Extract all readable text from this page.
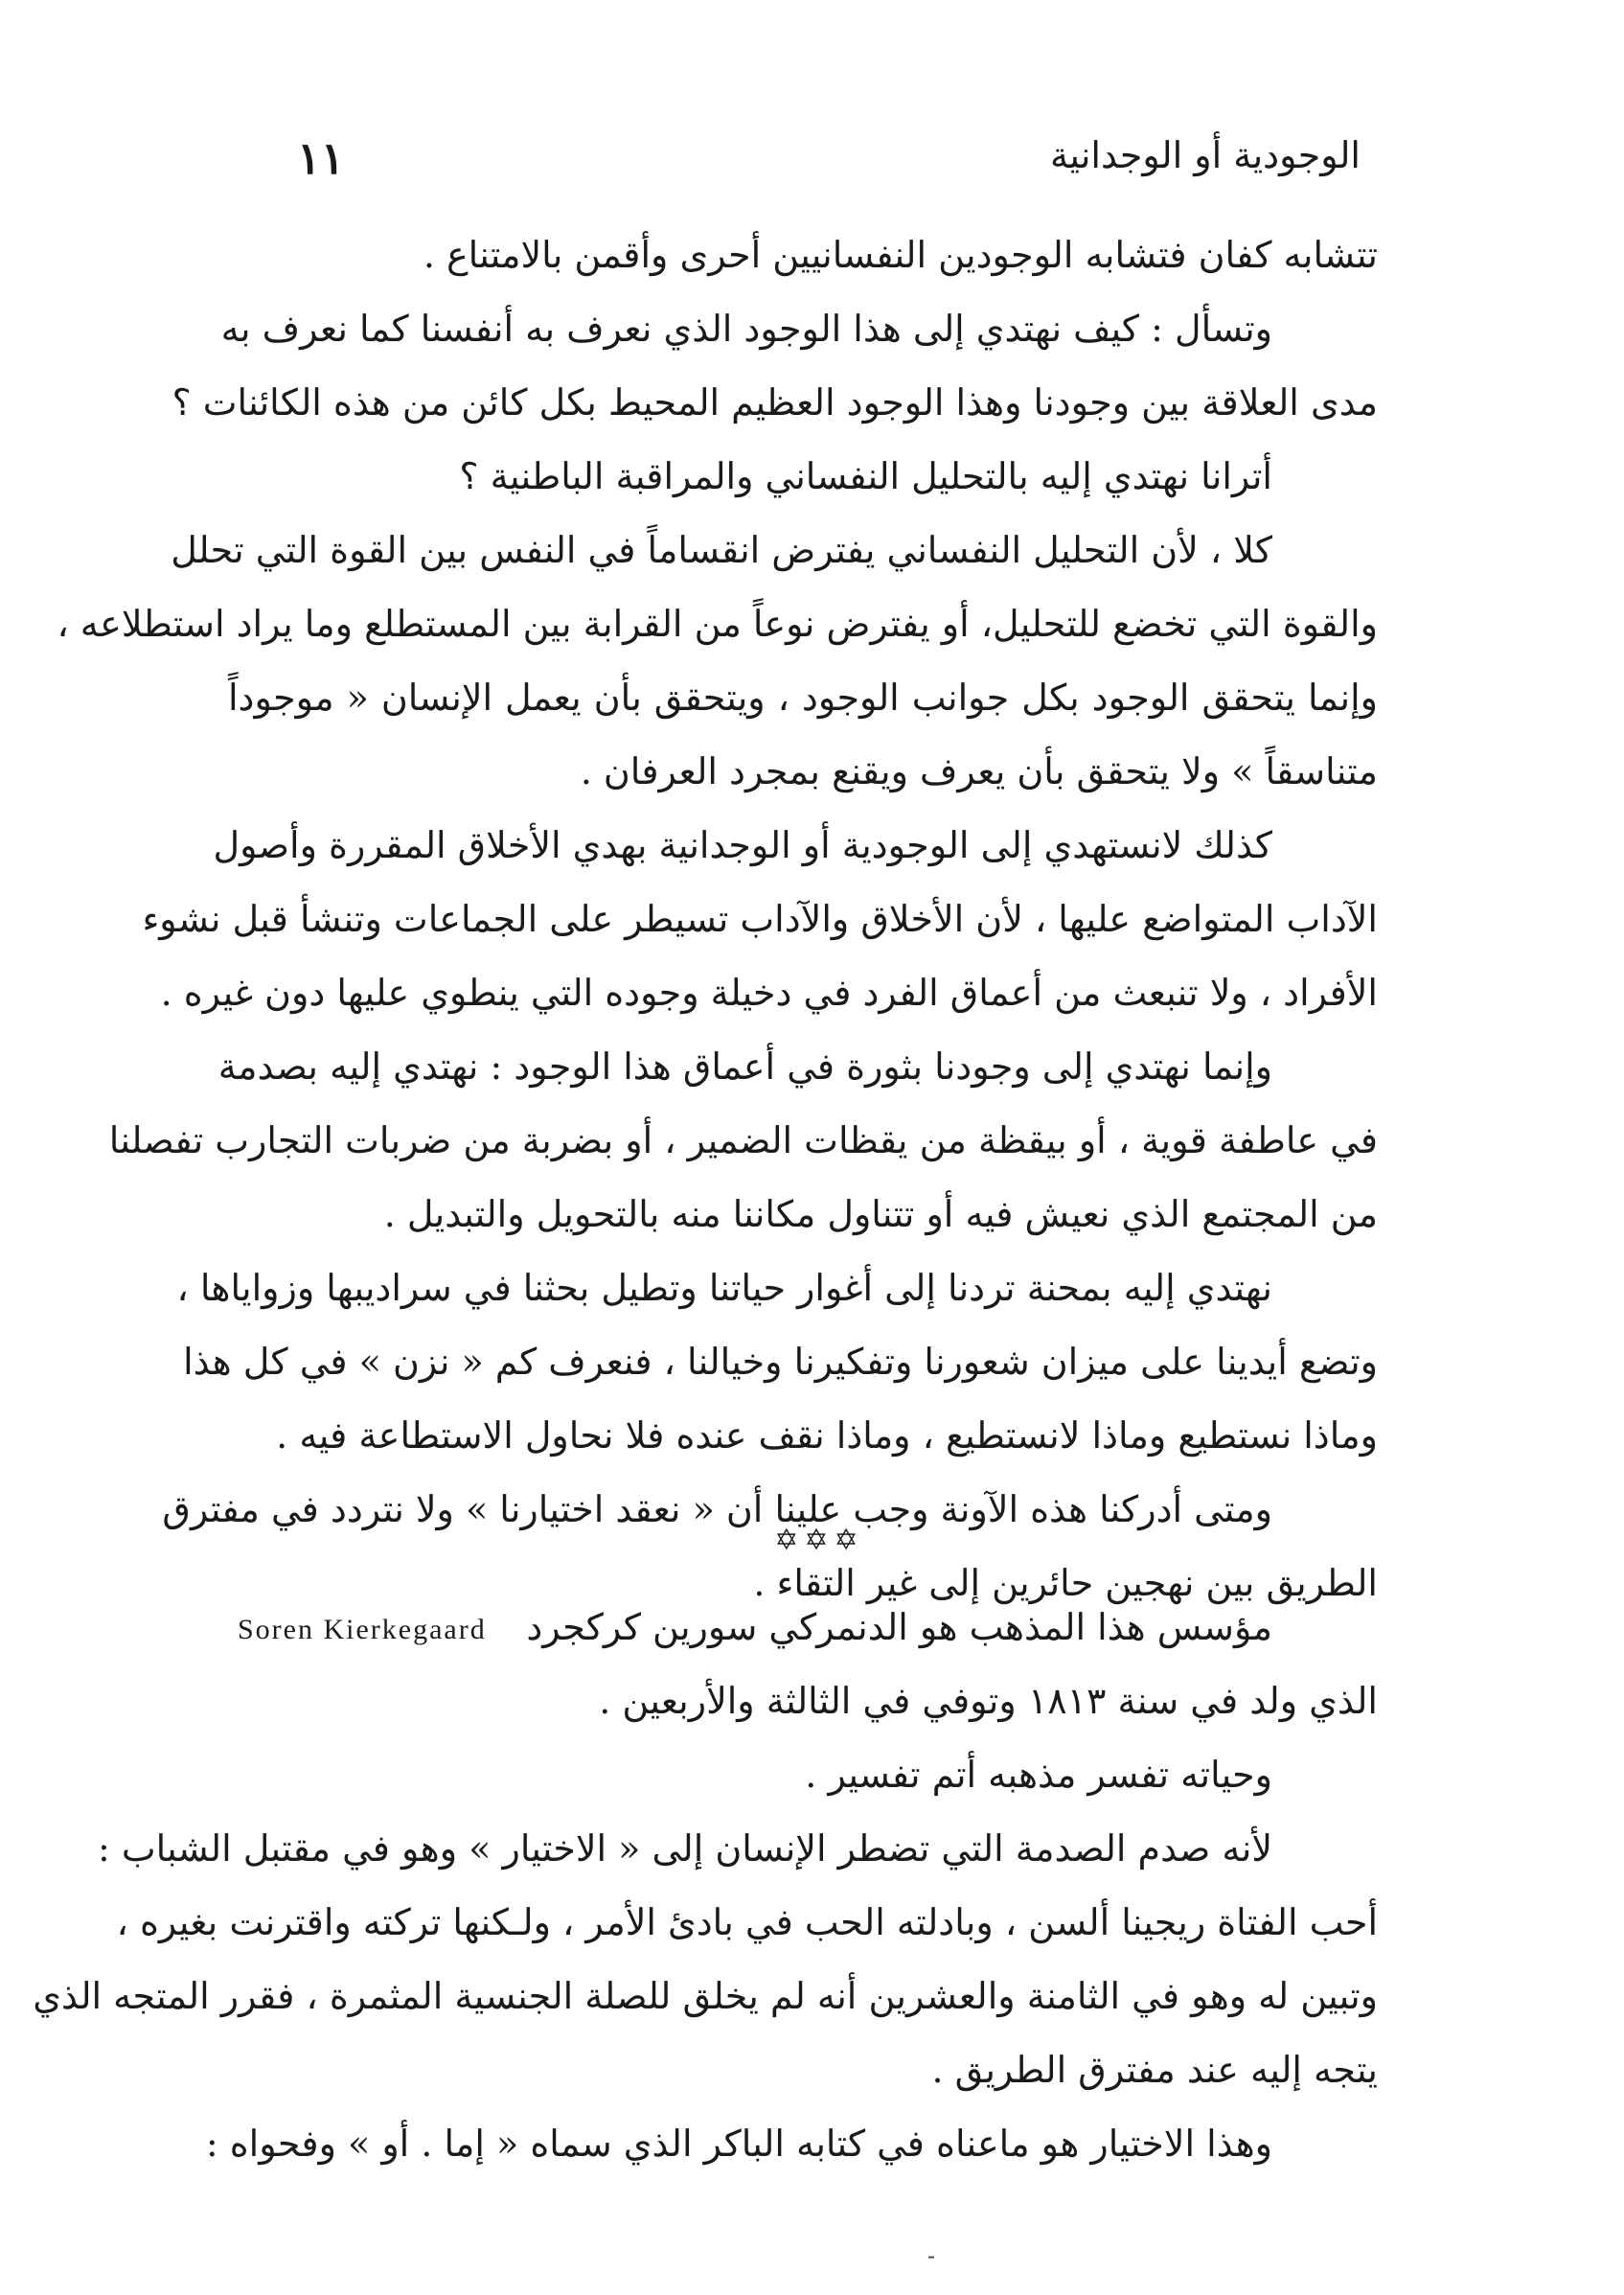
١١	الوجودية أو الوجدانية
تتشابه كفان فتشابه الوجودين النفسانيين أحرى وأقمن بالامتناع .
وتسأل : كيف نهتدي إلى هذا الوجود الذي نعرف به أنفسنا كما نعرف به
مدى العلاقة بين وجودنا وهذا الوجود العظيم المحيط بكل كائن من هذه الكائنات ؟
أترانا نهتدي إليه بالتحليل النفساني والمراقبة الباطنية ؟
كلا ، لأن التحليل النفساني يفترض انقساماً في النفس بين القوة التي تحلل
والقوة التي تخضع للتحليل، أو يفترض نوعاً من القرابة بين المستطلع وما يراد استطلاعه ،
وإنما يتحقق الوجود بكل جوانب الوجود ، ويتحقق بأن يعمل الإنسان « موجوداً
متناسقاً » ولا يتحقق بأن يعرف ويقنع بمجرد العرفان .
كذلك لانستهدي إلى الوجودية أو الوجدانية بهدي الأخلاق المقررة وأصول
الآداب المتواضع عليها ، لأن الأخلاق والآداب تسيطر على الجماعات وتنشأ قبل نشوء
الأفراد ، ولا تنبعث من أعماق الفرد في دخيلة وجوده التي ينطوي عليها دون غيره .
وإنما نهتدي إلى وجودنا بثورة في أعماق هذا الوجود : نهتدي إليه بصدمة
في عاطفة قوية ، أو بيقظة من يقظات الضمير ، أو بضربة من ضربات التجارب تفصلنا
من المجتمع الذي نعيش فيه أو تتناول مكاننا منه بالتحويل والتبديل .
نهتدي إليه بمحنة تردنا إلى أغوار حياتنا وتطيل بحثنا في سراديبها وزواياها ،
وتضع أيدينا على ميزان شعورنا وتفكيرنا وخيالنا ، فنعرف كم « نزن » في كل هذا
وماذا نستطيع وماذا لانستطيع ، وماذا نقف عنده فلا نحاول الاستطاعة فيه .
ومتى أدركنا هذه الآونة وجب علينا أن « نعقد اختيارنا » ولا نتردد في مفترق
الطريق بين نهجين حائرين إلى غير التقاء .
✡✡✡
مؤسس هذا المذهب هو الدنمركي سورين كركجرد
Soren Kierkegaard
الذي ولد في سنة ١٨١٣ وتوفي في الثالثة والأربعين .
وحياته تفسر مذهبه أتم تفسير .
لأنه صدم الصدمة التي تضطر الإنسان إلى « الاختيار » وهو في مقتبل الشباب :
أحب الفتاة ريجينا ألسن ، وبادلته الحب في بادئ الأمر ، ولـكنها تركته واقترنت بغيره ،
وتبين له وهو في الثامنة والعشرين أنه لم يخلق للصلة الجنسية المثمرة ، فقرر المتجه الذي
يتجه إليه عند مفترق الطريق .
وهذا الاختيار هو ماعناه في كتابه الباكر الذي سماه « إما . أو » وفحواه :
-
